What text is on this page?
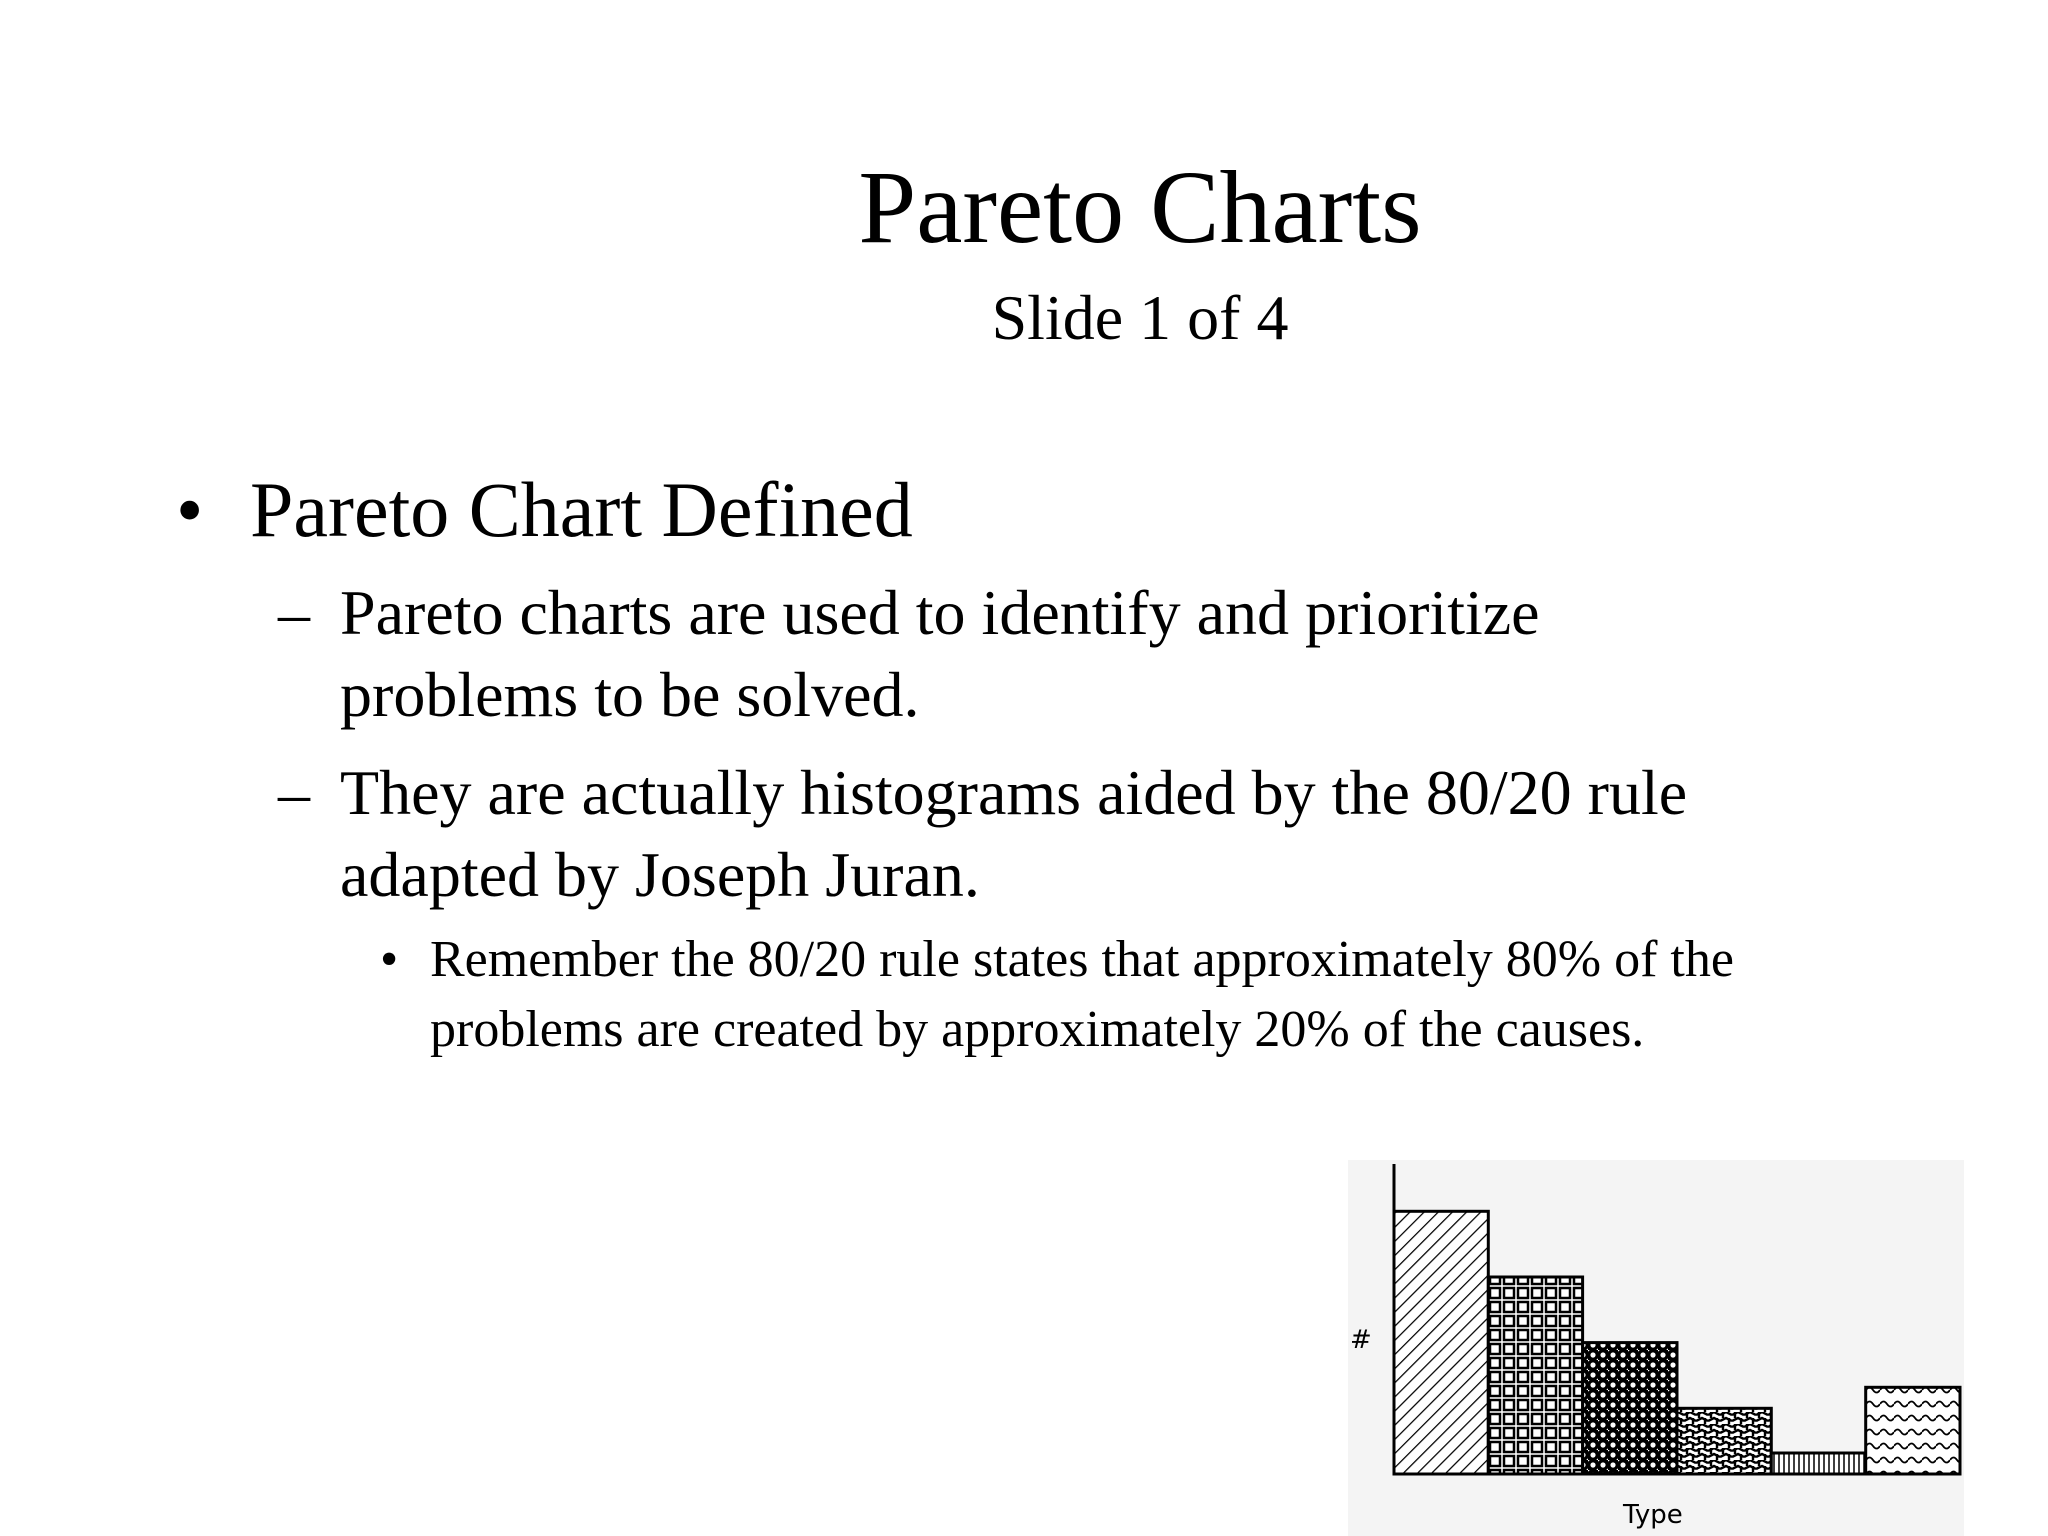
Pareto Charts
Slide 1 of 4
• Pareto Chart Defined
– Pareto charts are used to identify and prioritize
problems to be solved.
– They are actually histograms aided by the 80/20 rule
adapted by Joseph Juran.
• Remember the 80/20 rule states that approximately 80% of the
problems are created by approximately 20% of the causes.
#
Type
